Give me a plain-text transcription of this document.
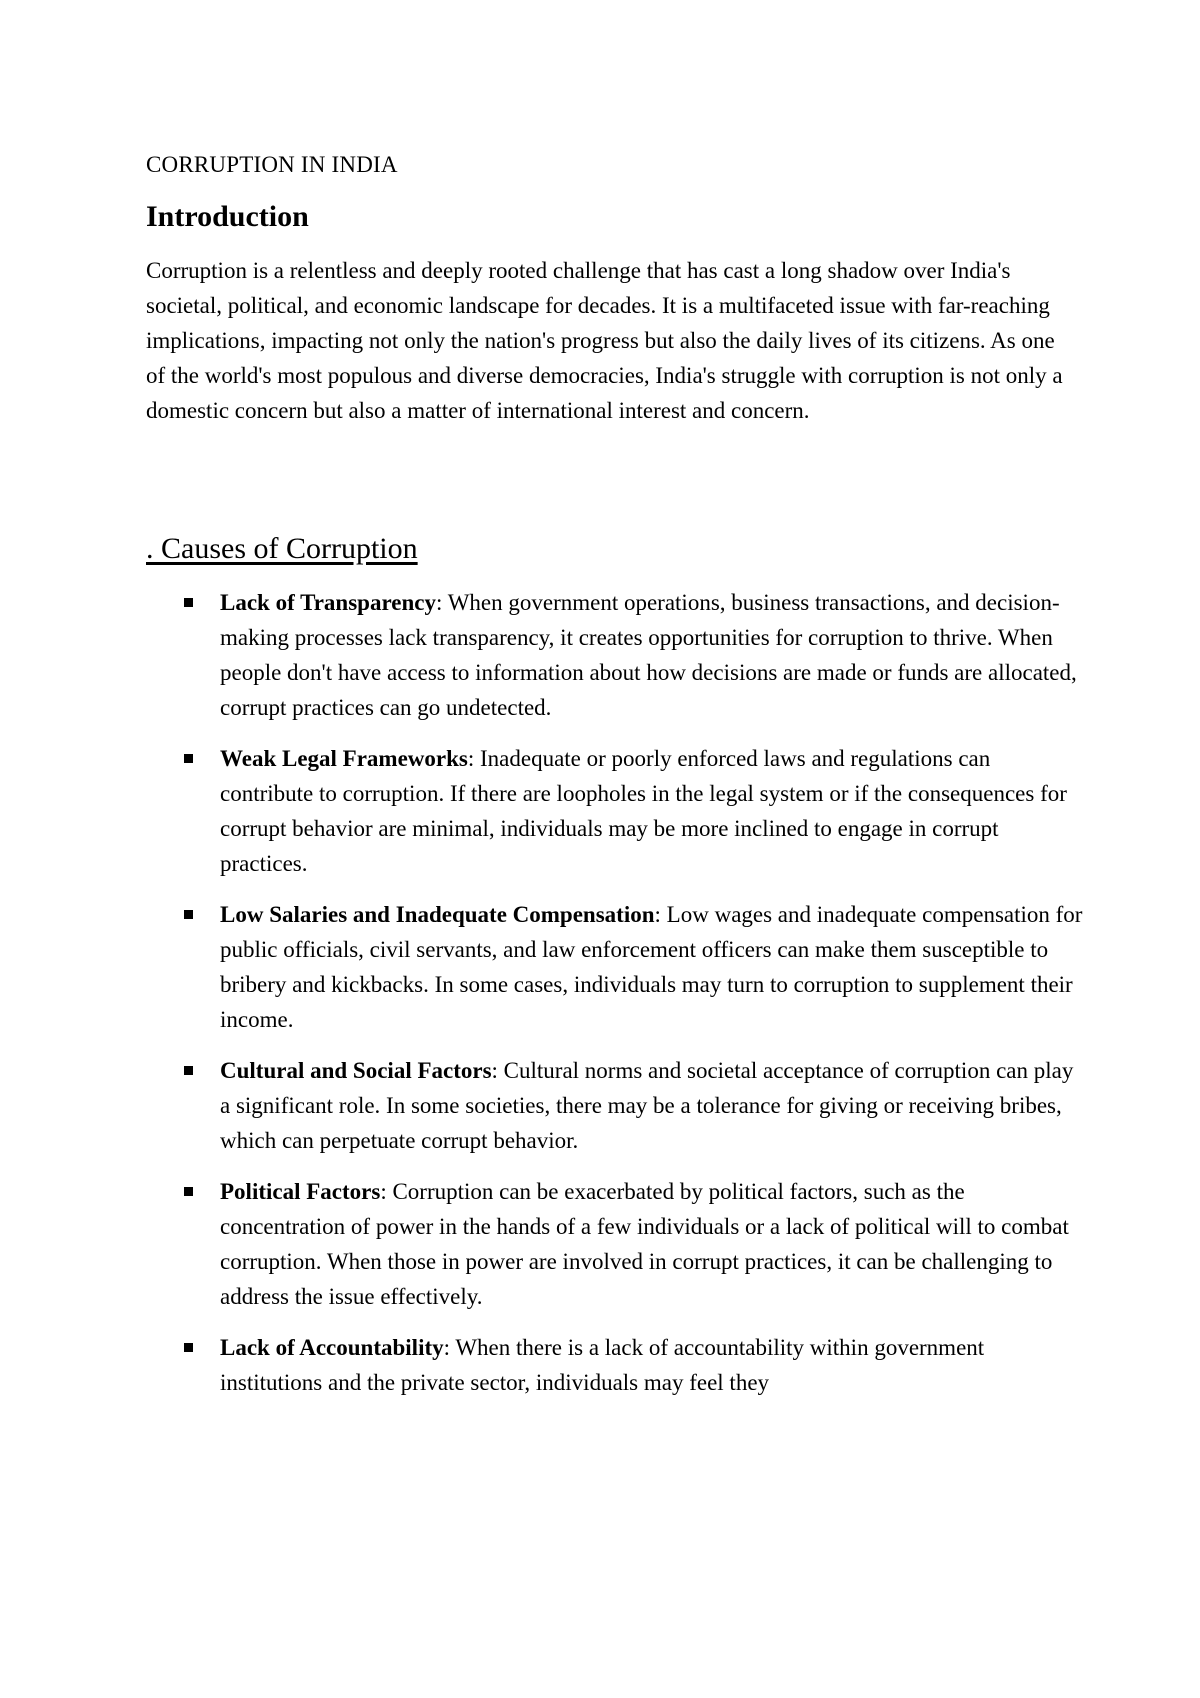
CORRUPTION IN INDIA

Introduction

Corruption is a relentless and deeply rooted challenge that has cast a long shadow over India's societal, political, and economic landscape for decades. It is a multifaceted issue with far-reaching implications, impacting not only the nation's progress but also the daily lives of its citizens. As one of the world's most populous and diverse democracies, India's struggle with corruption is not only a domestic concern but also a matter of international interest and concern.

. Causes of Corruption
Lack of Transparency: When government operations, business transactions, and decision-making processes lack transparency, it creates opportunities for corruption to thrive. When people don't have access to information about how decisions are made or funds are allocated, corrupt practices can go undetected.
Weak Legal Frameworks: Inadequate or poorly enforced laws and regulations can contribute to corruption. If there are loopholes in the legal system or if the consequences for corrupt behavior are minimal, individuals may be more inclined to engage in corrupt practices.
Low Salaries and Inadequate Compensation: Low wages and inadequate compensation for public officials, civil servants, and law enforcement officers can make them susceptible to bribery and kickbacks. In some cases, individuals may turn to corruption to supplement their income.
Cultural and Social Factors: Cultural norms and societal acceptance of corruption can play a significant role. In some societies, there may be a tolerance for giving or receiving bribes, which can perpetuate corrupt behavior.
Political Factors: Corruption can be exacerbated by political factors, such as the concentration of power in the hands of a few individuals or a lack of political will to combat corruption. When those in power are involved in corrupt practices, it can be challenging to address the issue effectively.
Lack of Accountability: When there is a lack of accountability within government institutions and the private sector, individuals may feel they
